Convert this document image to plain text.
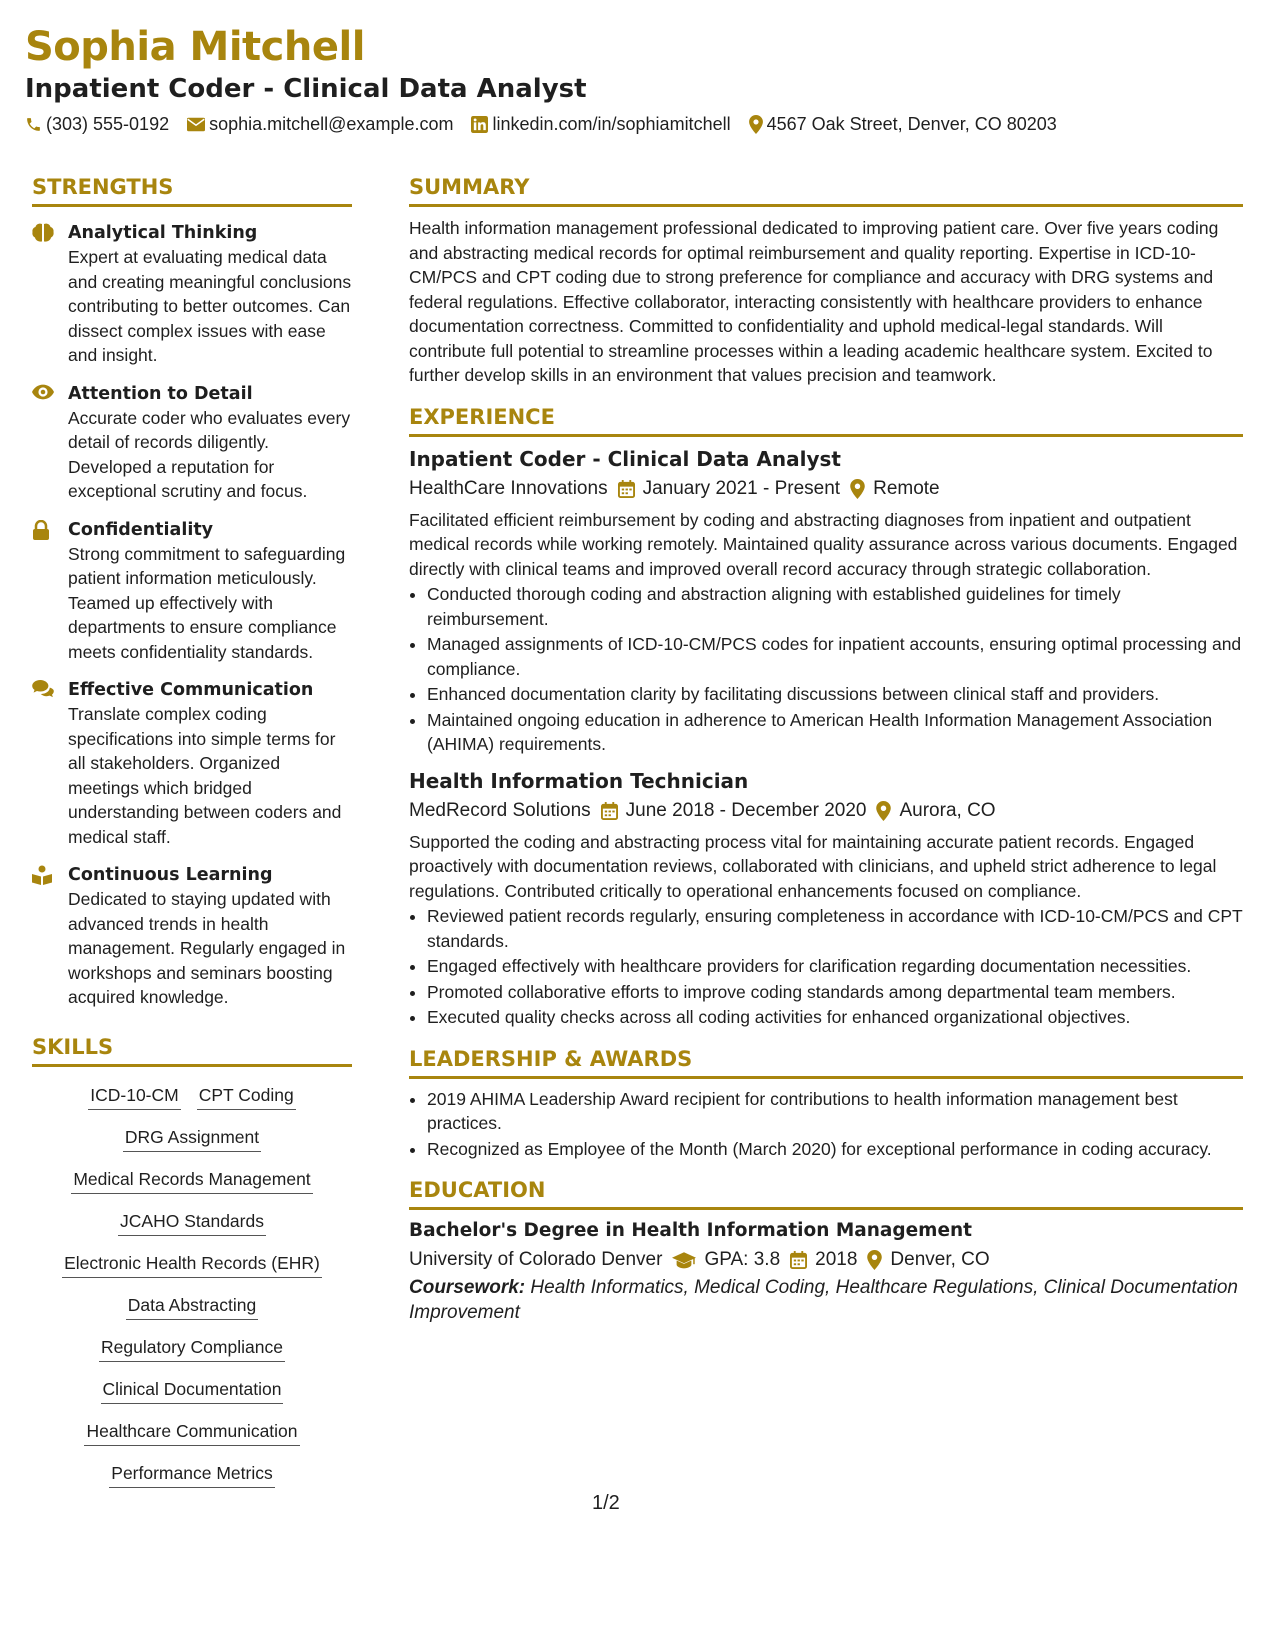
Sophia Mitchell
Inpatient Coder - Clinical Data Analyst
(303) 555-0192 sophia.mitchell@example.com linkedin.com/in/sophiamitchell 4567 Oak Street, Denver, CO 80203
STRENGTHS
Analytical Thinking
Expert at evaluating medical data and creating meaningful conclusions contributing to better outcomes. Can dissect complex issues with ease and insight.
Attention to Detail
Accurate coder who evaluates every detail of records diligently. Developed a reputation for exceptional scrutiny and focus.
Confidentiality
Strong commitment to safeguarding patient information meticulously. Teamed up effectively with departments to ensure compliance meets confidentiality standards.
Effective Communication
Translate complex coding specifications into simple terms for all stakeholders. Organized meetings which bridged understanding between coders and medical staff.
Continuous Learning
Dedicated to staying updated with advanced trends in health management. Regularly engaged in workshops and seminars boosting acquired knowledge.
SKILLS
ICD-10-CM CPT Coding
DRG Assignment
Medical Records Management
JCAHO Standards
Electronic Health Records (EHR)
Data Abstracting
Regulatory Compliance
Clinical Documentation
Healthcare Communication
Performance Metrics
SUMMARY
Health information management professional dedicated to improving patient care. Over five years coding and abstracting medical records for optimal reimbursement and quality reporting. Expertise in ICD-10-CM/PCS and CPT coding due to strong preference for compliance and accuracy with DRG systems and federal regulations. Effective collaborator, interacting consistently with healthcare providers to enhance documentation correctness. Committed to confidentiality and uphold medical-legal standards. Will contribute full potential to streamline processes within a leading academic healthcare system. Excited to further develop skills in an environment that values precision and teamwork.
EXPERIENCE
Inpatient Coder - Clinical Data Analyst
HealthCare Innovations January 2021 - Present Remote
Facilitated efficient reimbursement by coding and abstracting diagnoses from inpatient and outpatient medical records while working remotely. Maintained quality assurance across various documents. Engaged directly with clinical teams and improved overall record accuracy through strategic collaboration.
• Conducted thorough coding and abstraction aligning with established guidelines for timely reimbursement.
• Managed assignments of ICD-10-CM/PCS codes for inpatient accounts, ensuring optimal processing and compliance.
• Enhanced documentation clarity by facilitating discussions between clinical staff and providers.
• Maintained ongoing education in adherence to American Health Information Management Association (AHIMA) requirements.
Health Information Technician
MedRecord Solutions June 2018 - December 2020 Aurora, CO
Supported the coding and abstracting process vital for maintaining accurate patient records. Engaged proactively with documentation reviews, collaborated with clinicians, and upheld strict adherence to legal regulations. Contributed critically to operational enhancements focused on compliance.
• Reviewed patient records regularly, ensuring completeness in accordance with ICD-10-CM/PCS and CPT standards.
• Engaged effectively with healthcare providers for clarification regarding documentation necessities.
• Promoted collaborative efforts to improve coding standards among departmental team members.
• Executed quality checks across all coding activities for enhanced organizational objectives.
LEADERSHIP & AWARDS
• 2019 AHIMA Leadership Award recipient for contributions to health information management best practices.
• Recognized as Employee of the Month (March 2020) for exceptional performance in coding accuracy.
EDUCATION
Bachelor's Degree in Health Information Management
University of Colorado Denver GPA: 3.8 2018 Denver, CO
Coursework: Health Informatics, Medical Coding, Healthcare Regulations, Clinical Documentation Improvement
1/2
